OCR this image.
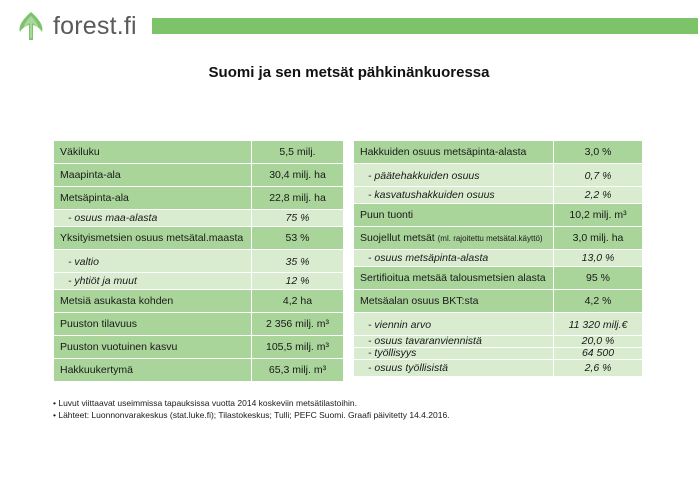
forest.fi
Suomi ja sen metsät pähkinänkuoressa
Väkiluku	5,5 milj.
Maapinta-ala	30,4 milj. ha
Metsäpinta-ala	22,8 milj. ha
- osuus maa-alasta	75 %
Yksityismetsien osuus metsätal.maasta	53 %
- valtio	35 %
- yhtiöt ja muut	12 %
Metsiä asukasta kohden	4,2 ha
Puuston tilavuus	2 356 milj. m³
Puuston vuotuinen kasvu	105,5 milj. m³
Hakkuukertymä	65,3 milj. m³
Hakkuiden osuus metsäpinta-alasta	3,0 %
- päätehakkuiden osuus	0,7 %
- kasvatushakkuiden osuus	2,2 %
Puun tuonti	10,2 milj. m³
Suojellut metsät (ml. rajoitettu metsätal.käyttö)	3,0 milj. ha
- osuus metsäpinta-alasta	13,0 %
Sertifioitua metsää talousmetsien alasta	95 %
Metsäalan osuus BKT:sta	4,2 %
- viennin arvo	11 320 milj.€
- osuus tavaranviennistä	20,0 %
- työllisyys	64 500
- osuus työllisistä	2,6 %
• Luvut viittaavat useimmissa tapauksissa vuotta 2014 koskeviin metsätilastoihin.
• Lähteet: Luonnonvarakeskus (stat.luke.fi); Tilastokeskus; Tulli; PEFC Suomi. Graafi päivitetty 14.4.2016.
